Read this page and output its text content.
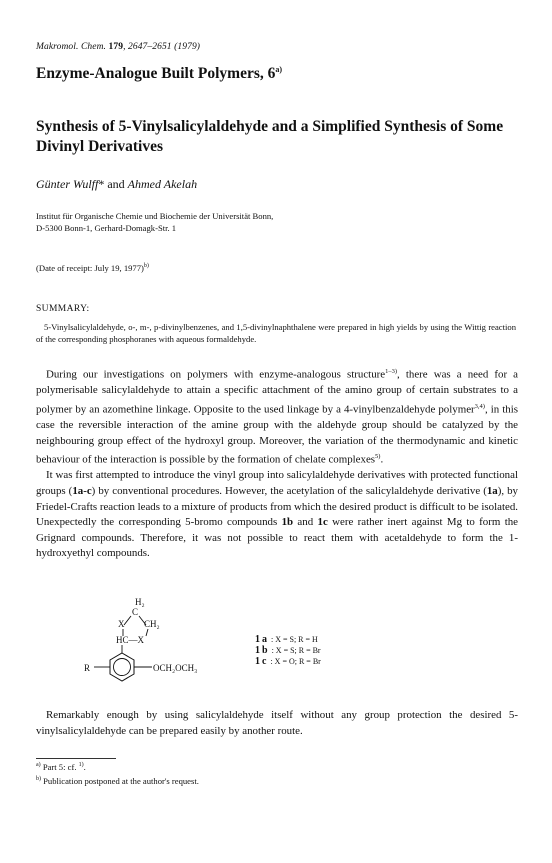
Makromol. Chem. 179, 2647–2651 (1979)
Enzyme-Analogue Built Polymers, 6$^{a)}$
Synthesis of 5-Vinylsalicylaldehyde and a Simplified Synthesis of Some Divinyl Derivatives
Günter Wulff* and Ahmed Akelah
Institut für Organische Chemie und Biochemie der Universität Bonn,
D-5300 Bonn-1, Gerhard-Domagk-Str. 1
(Date of receipt: July 19, 1977)$^{b)}$
SUMMARY:
5-Vinylsalicylaldehyde, o-, m-, p-divinylbenzenes, and 1,5-divinylnaphthalene were prepared in high yields by using the Wittig reaction of the corresponding phosphoranes with aqueous formaldehyde.

During our investigations on polymers with enzyme-analogous structure$^{1-3)}$, there was a need for a polymerisable salicylaldehyde to attain a specific attachment of the amino group of certain substrates to a polymer by an azomethine linkage. Opposite to the used linkage by a 4-vinylbenzaldehyde polymer$^{3,4)}$, in this case the reversible interaction of the amine group with the aldehyde group should be catalyzed by the neighbouring group effect of the hydroxyl group. Moreover, the variation of the thermodynamic and kinetic behaviour of the interaction is possible by the formation of chelate complexes$^{5)}$.

It was first attempted to introduce the vinyl group into salicylaldehyde derivatives with protected functional groups (1a-c) by conventional procedures. However, the acetylation of the salicylaldehyde derivative (1a), by Friedel-Crafts reaction leads to a mixture of products from which the desired product is difficult to be isolated. Unexpectedly the corresponding 5-bromo compounds 1b and 1c were rather inert against Mg to form the Grignard compounds. Therefore, it was not possible to react them with acetaldehyde to form the 1-hydroxyethyl compounds.

H₂
C
X CH₂
HC—X
R	OCH₂OCH₃
1a : X = S; R = H
1b : X = S; R = Br
1c : X = O; R = Br

Remarkably enough by using salicylaldehyde itself without any group protection the desired 5-vinylsalicylaldehyde can be prepared easily by another route.

$^{a)}$ Part 5: cf. $^{1)}$.
$^{b)}$ Publication postponed at the author's request.
